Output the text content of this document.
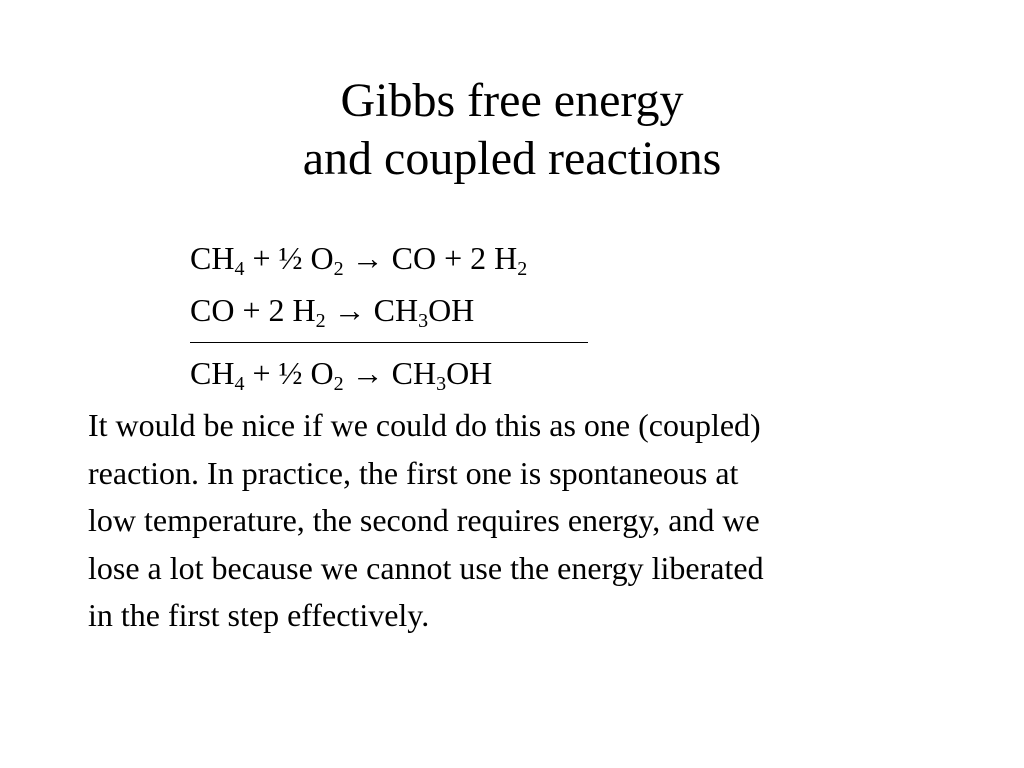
Gibbs free energy
and coupled reactions
$CH_4$ + ½ $O_2$ → CO + 2 $H_2$
CO + 2 $H_2 \to CH_3OH$
$CH_4$ + ½ $O_2 \to CH_3OH$
It would be nice if we could do this as one (coupled)
reaction. In practice, the first one is spontaneous at
low temperature, the second requires energy, and we
lose a lot because we cannot use the energy liberated
in the first step effectively.
